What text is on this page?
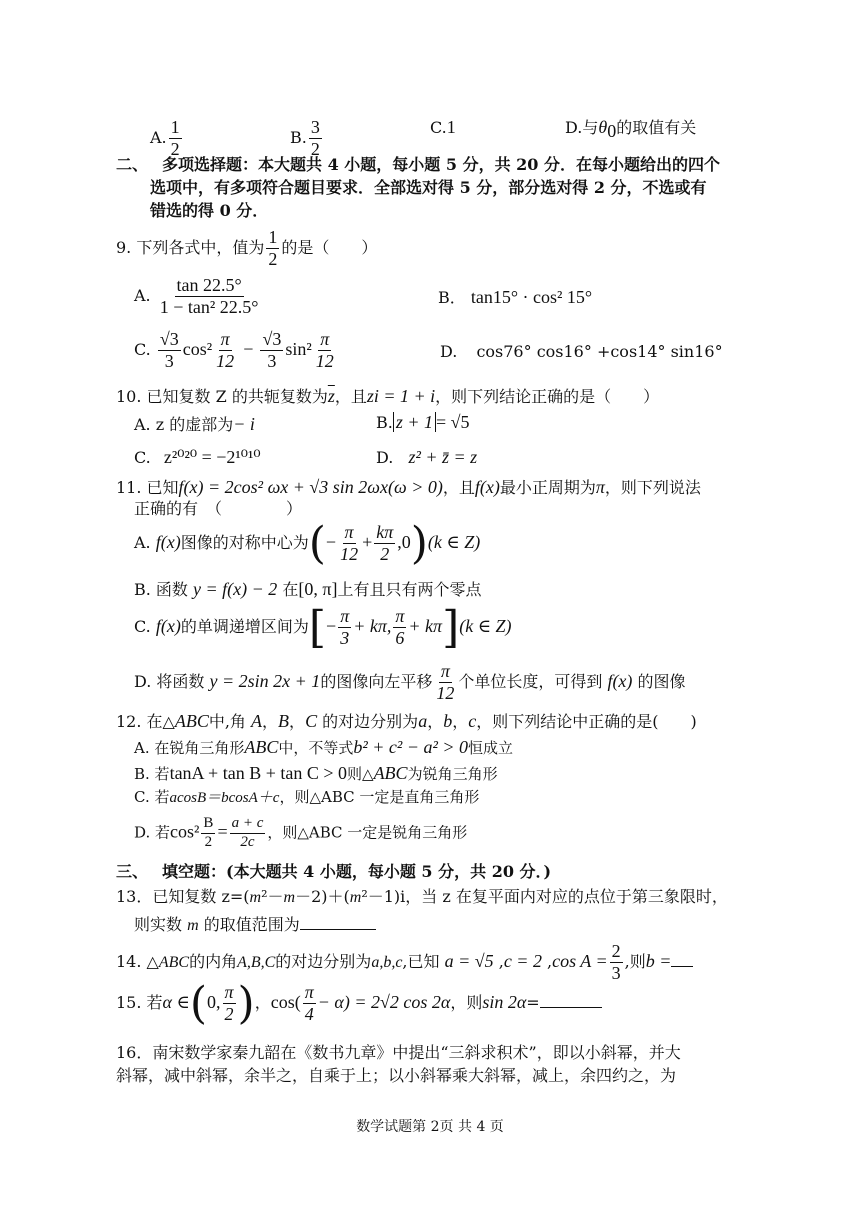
A. $\frac{1}{2}$	B. $\frac{3}{2}$	C.1	D.与$\theta_0$的取值有关
二、 多项选择题：本大题共 4 小题，每小题 5 分，共 20 分．在每小题给出的四个
选项中，有多项符合题目要求．全部选对得 5 分，部分选对得 2 分，不选或有
错选的得 0 分．
9. 下列各式中，值为 $\frac{1}{2}$ 的是（　　）
A. $\frac{\tan 22.5^\circ}{\text{1 − tan² 22.5°}}$	B． tan15° · cos² 15°
C. $\frac{√3}{3} \cos^2 \frac{\pi}{12} - \frac{√3}{3} \sin^2 \frac{\pi}{12}$	D. cos76° cos16° +cos14° sin16°
10. 已知复数 Z 的共轭复数为$\overline{z}$，且zi = 1 + i，则下列结论正确的是（　　）
A. z 的虚部为− i	B. z + 1 = √5
C. z²⁰²⁰ = −2¹⁰¹⁰	D. z² + z̄ = z
11. 已知f(x) = 2cos² ωx + √3 sin 2ωx(ω > 0)，且f(x)最小正周期为π，则下列说法
正确的有　（　　　　）
A. f(x)图像的对称中心为(− $\frac{\pi}{12} + \frac{k\pi}{2} ,0)(k$ ∈ Z)
B. 函数 y = f(x) − 2 在[0, π]上有且只有两个零点
C. f(x)的单调递增区间为[− $\frac{\pi}{3} + k\pi$, $\frac{\pi}{6} + k\pi](k$ ∈ Z)
D. 将函数 y = 2sin 2x + 1的图像向左平移 $\frac{\pi}{12}$ 个单位长度，可得到 f(x) 的图像
12. 在△ABC中,角 A，B，C 的对边分别为a，b，c，则下列结论中正确的是(　　)
A. 在锐角三角形ABC中，不等式b² + c² − a² > 0恒成立
B. 若tanA + tan B + tan C > 0则△ABC为锐角三角形
C. 若acosB＝bcosA＋c，则△ABC 一定是直角三角形
D. 若$\cos^2 \frac{B}{2} = \frac{a + c}{2c}$ ，则△ABC 一定是锐角三角形
三、 填空题：(本大题共 4 小题，每小题 5 分，共 20 分．)
13．已知复数 z=(m²－m－2)＋(m²－1)i，当 z 在复平面内对应的点位于第三象限时，
则实数 m 的取值范围为
14. △ABC的内角A,B,C的对边分别为a,b,c,已知 a = √5 ,c = 2 ,cos $A = \frac{2}{3}$ ,则b =
15. 若α ∈(0, $\frac{\pi}{2}$ )，$\cos( \frac{\pi}{4} - \alpha) = 2√2$ cos 2α，则sin 2α=
16．南宋数学家秦九韶在《数书九章》中提出“三斜求积术”，即以小斜幂，并大
斜幂，减中斜幂，余半之，自乘于上；以小斜幂乘大斜幂，减上，余四约之，为
数学试题第 2页 共 4 页
